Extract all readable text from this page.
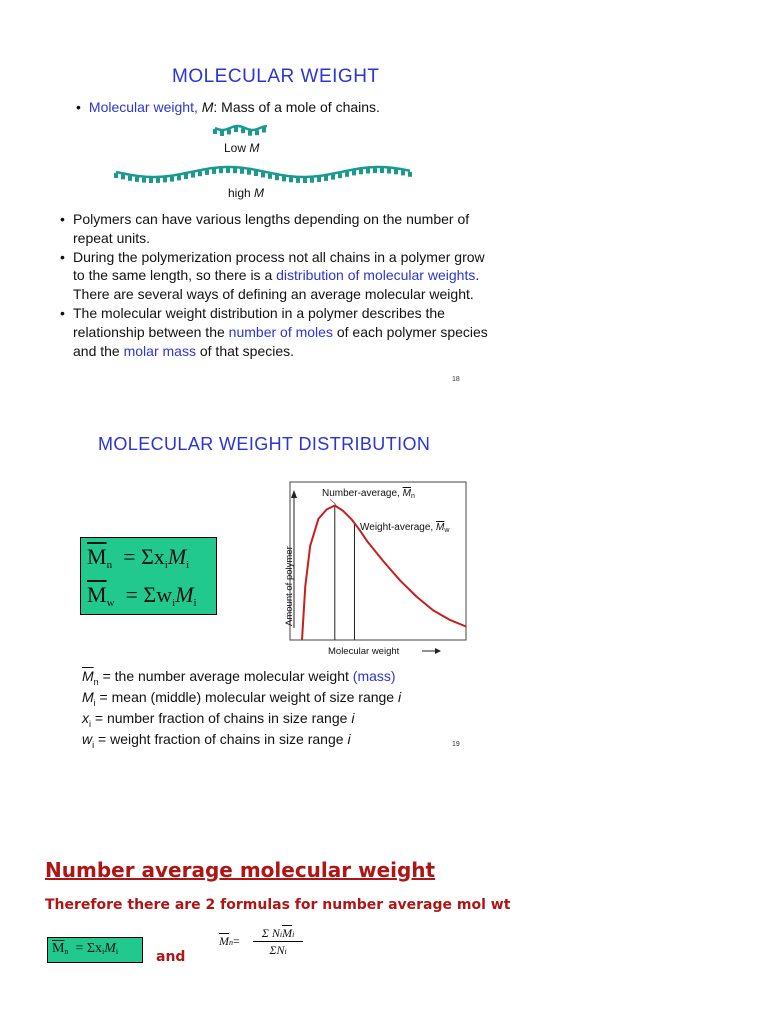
MOLECULAR WEIGHT
• Molecular weight, M: Mass of a mole of chains.
Low M
high M
• Polymers can have various lengths depending on the number of repeat units.
• During the polymerization process not all chains in a polymer grow to the same length, so there is a distribution of molecular weights. There are several ways of defining an average molecular weight.
• The molecular weight distribution in a polymer describes the relationship between the number of moles of each polymer species and the molar mass of that species.
18
MOLECULAR WEIGHT DISTRIBUTION
$\overline{M}n$ = ΣxiMi
$\overline{M}w$ = ΣwiMi	Amount of polymer
Molecular weight
Number-average, $M_n$
Weight-average, $M_w$
$\overline{M}_n$ = the number average molecular weight (mass)
$M_i$ = mean (middle) molecular weight of size range i
$x_i$ = number fraction of chains in size range i
$w_i$ = weight fraction of chains in size range i	19
Number average molecular weight
Therefore there are 2 formulas for number average mol wt
$\overline{M}n$ = ΣxiMi	and
$\overline{M}n=$
Σ $Ni\overline{M}i$
ΣNi
